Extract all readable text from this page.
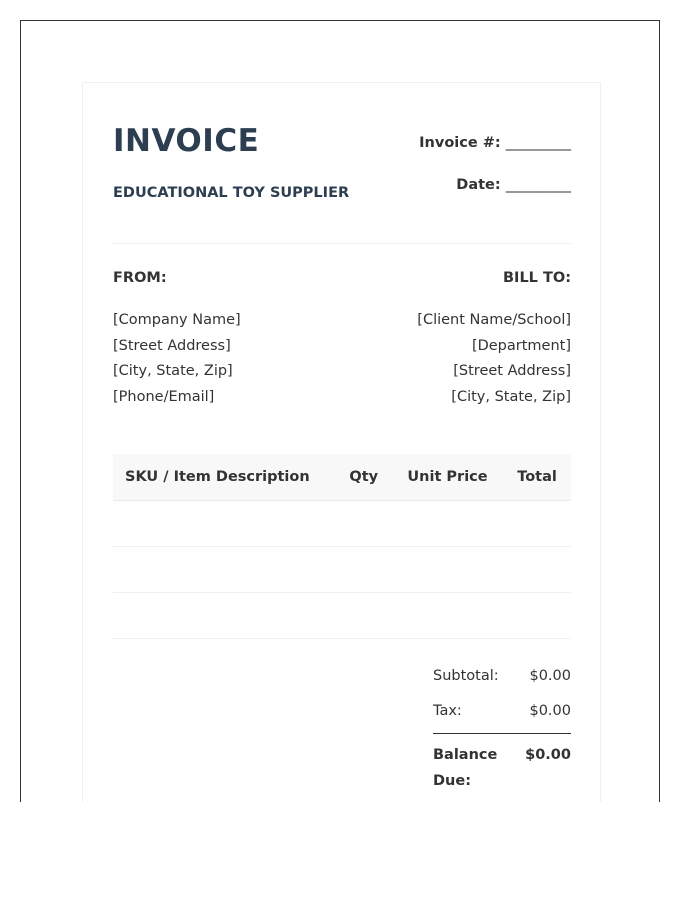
INVOICE
EDUCATIONAL TOY SUPPLIER
Invoice #: _________
Date: _________
FROM:	BILL TO:
[Company Name]
[Street Address]
[City, State, Zip]
[Phone/Email]
[Client Name/School]
[Department]
[Street Address]
[City, State, Zip]
SKU / Item Description	Qty	Unit Price	Total

Subtotal: $0.00
Tax:	$0.00
Balance Due:
$0.00
